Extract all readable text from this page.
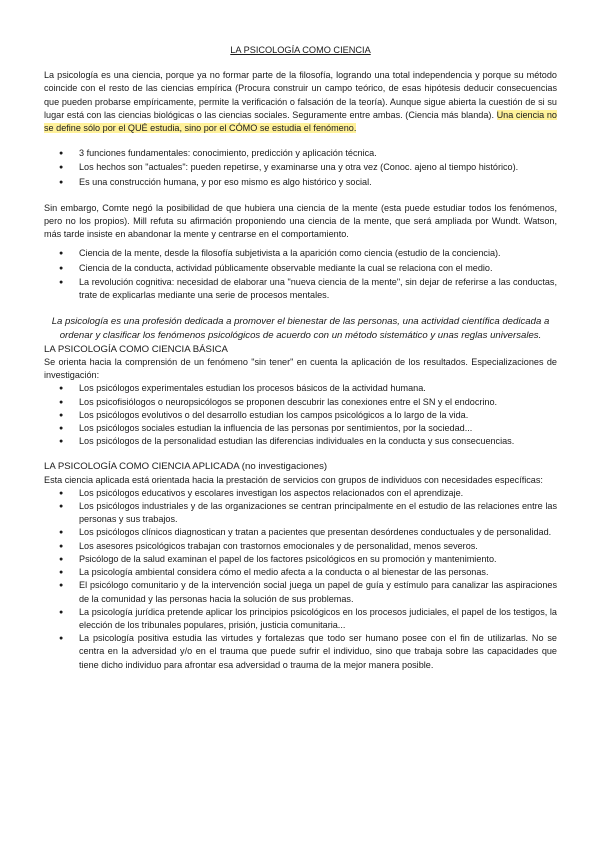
LA PSICOLOGÍA COMO CIENCIA

La psicología es una ciencia, porque ya no formar parte de la filosofía, logrando una total independencia y porque su método coincide con el resto de las ciencias empírica (Procura construir un campo teórico, de esas hipótesis deducir consecuencias que pueden probarse empíricamente, permite la verificación o falsación de la teoría). Aunque sigue abierta la cuestión de si su lugar está con las ciencias biológicas o las ciencias sociales. Seguramente entre ambas. (Ciencia más blanda). Una ciencia no se define sólo por el QUÉ estudia, sino por el CÓMO se estudia el fenómeno.

● 3 funciones fundamentales: conocimiento, predicción y aplicación técnica.
● Los hechos son "actuales": pueden repetirse, y examinarse una y otra vez (Conoc. ajeno al tiempo histórico).
● Es una construcción humana, y por eso mismo es algo histórico y social.

Sin embargo, Comte negó la posibilidad de que hubiera una ciencia de la mente (esta puede estudiar todos los fenómenos, pero no los propios). Mill refuta su afirmación proponiendo una ciencia de la mente, que será ampliada por Wundt. Watson, más tarde insiste en abandonar la mente y centrarse en el comportamiento.

● Ciencia de la mente, desde la filosofía subjetivista a la aparición como ciencia (estudio de la conciencia).
● Ciencia de la conducta, actividad públicamente observable mediante la cual se relaciona con el medio.
● La revolución cognitiva: necesidad de elaborar una "nueva ciencia de la mente", sin dejar de referirse a las conductas, trate de explicarlas mediante una serie de procesos mentales.

La psicología es una profesión dedicada a promover el bienestar de las personas, una actividad científica dedicada a ordenar y clasificar los fenómenos psicológicos de acuerdo con un método sistemático y unas reglas universales.

LA PSICOLOGÍA COMO CIENCIA BÁSICA

Se orienta hacia la comprensión de un fenómeno "sin tener" en cuenta la aplicación de los resultados. Especializaciones de investigación:

● Los psicólogos experimentales estudian los procesos básicos de la actividad humana.
● Los psicofisiólogos o neuropsicólogos se proponen descubrir las conexiones entre el SN y el endocrino.
● Los psicólogos evolutivos o del desarrollo estudian los campos psicológicos a lo largo de la vida.
● Los psicólogos sociales estudian la influencia de las personas por sentimientos, por la sociedad...
● Los psicólogos de la personalidad estudian las diferencias individuales en la conducta y sus consecuencias.

LA PSICOLOGÍA COMO CIENCIA APLICADA (no investigaciones)

Esta ciencia aplicada está orientada hacia la prestación de servicios con grupos de individuos con necesidades específicas:

● Los psicólogos educativos y escolares investigan los aspectos relacionados con el aprendizaje.
● Los psicólogos industriales y de las organizaciones se centran principalmente en el estudio de las relaciones entre las personas y sus trabajos.
● Los psicólogos clínicos diagnostican y tratan a pacientes que presentan desórdenes conductuales y de personalidad.
● Los asesores psicológicos trabajan con trastornos emocionales y de personalidad, menos severos.
● Psicólogo de la salud examinan el papel de los factores psicológicos en su promoción y mantenimiento.
● La psicología ambiental considera cómo el medio afecta a la conducta o al bienestar de las personas.
● El psicólogo comunitario y de la intervención social juega un papel de guía y estímulo para canalizar las aspiraciones de la comunidad y las personas hacia la solución de sus problemas.
● La psicología jurídica pretende aplicar los principios psicológicos en los procesos judiciales, el papel de los testigos, la elección de los tribunales populares, prisión, justicia comunitaria...
● La psicología positiva estudia las virtudes y fortalezas que todo ser humano posee con el fin de utilizarlas. No se centra en la adversidad y/o en el trauma que puede sufrir el individuo, sino que trabaja sobre las capacidades que tiene dicho individuo para afrontar esa adversidad o trauma de la mejor manera posible.
